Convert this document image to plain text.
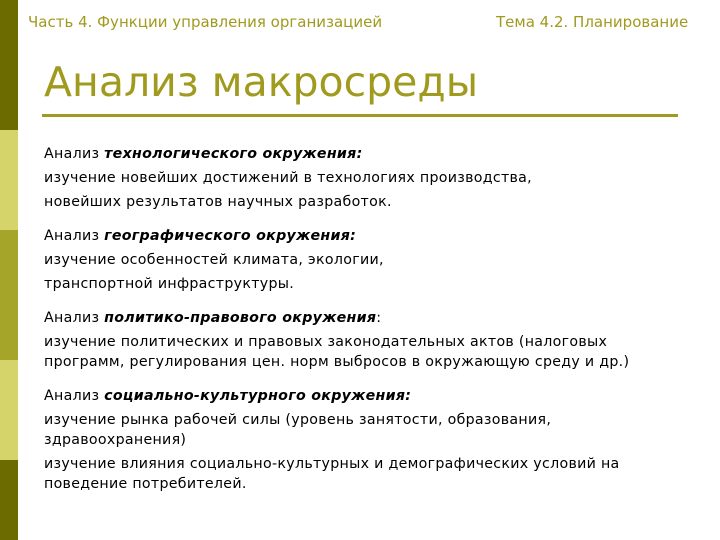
Часть 4. Функции управления организацией	Тема 4.2. Планирование
Анализ макросреды

Анализ технологического окружения:

изучение новейших достижений в технологиях производства,

новейших результатов научных разработок.

Анализ географического окружения:

изучение особенностей климата, экологии,

транспортной инфраструктуры.

Анализ политико-правового окружения:

изучение политических и правовых законодательных актов (налоговых программ, регулирования цен. норм выбросов в окружающую среду и др.)

Анализ социально-культурного окружения:

изучение рынка рабочей силы (уровень занятости, образования, здравоохранения)

изучение влияния социально-культурных и демографических условий на поведение потребителей.
